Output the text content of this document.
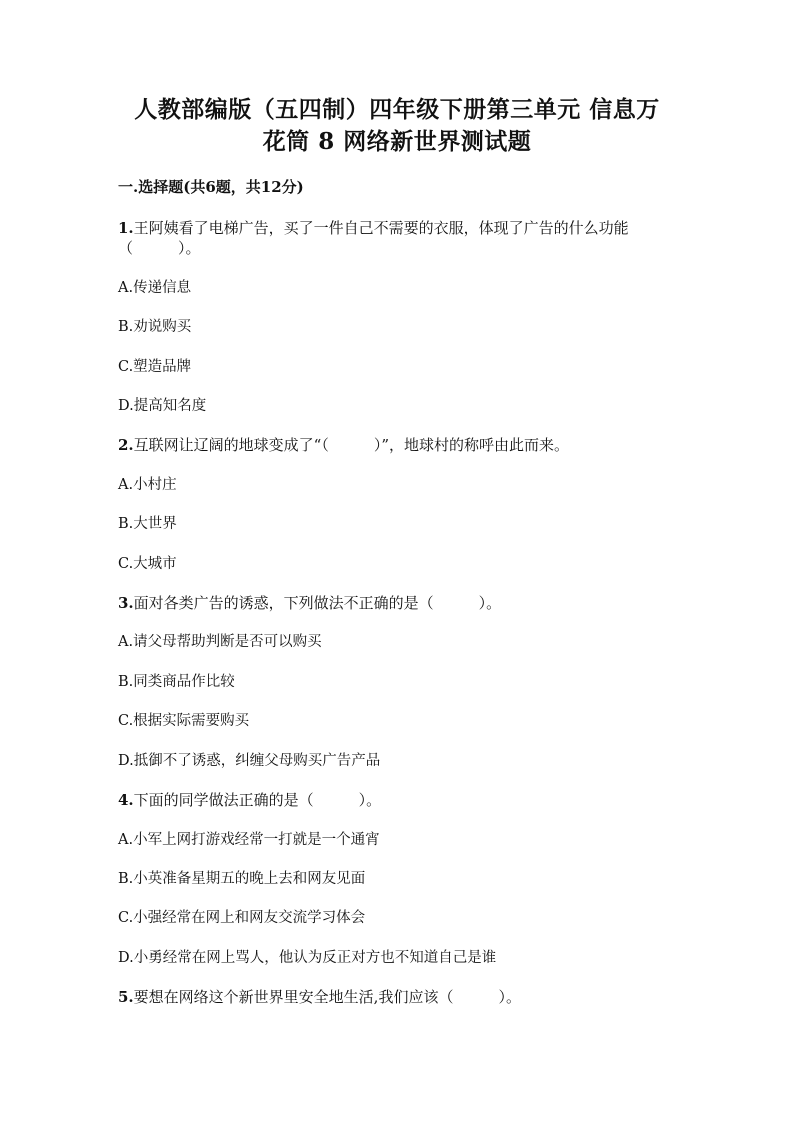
人教部编版（五四制）四年级下册第三单元 信息万
花筒 8 网络新世界测试题
一.选择题(共6题，共12分)
1.王阿姨看了电梯广告，买了一件自己不需要的衣服，体现了广告的什么功能
（　　　）。
A.传递信息
B.劝说购买
C.塑造品牌
D.提高知名度
2.互联网让辽阔的地球变成了“（　　　）”，地球村的称呼由此而来。
A.小村庄
B.大世界
C.大城市
3.面对各类广告的诱惑，下列做法不正确的是（　　　）。
A.请父母帮助判断是否可以购买
B.同类商品作比较
C.根据实际需要购买
D.抵御不了诱惑，纠缠父母购买广告产品
4.下面的同学做法正确的是（　　　）。
A.小军上网打游戏经常一打就是一个通宵
B.小英准备星期五的晚上去和网友见面
C.小强经常在网上和网友交流学习体会
D.小勇经常在网上骂人，他认为反正对方也不知道自己是谁
5.要想在网络这个新世界里安全地生活,我们应该（　　　）。
